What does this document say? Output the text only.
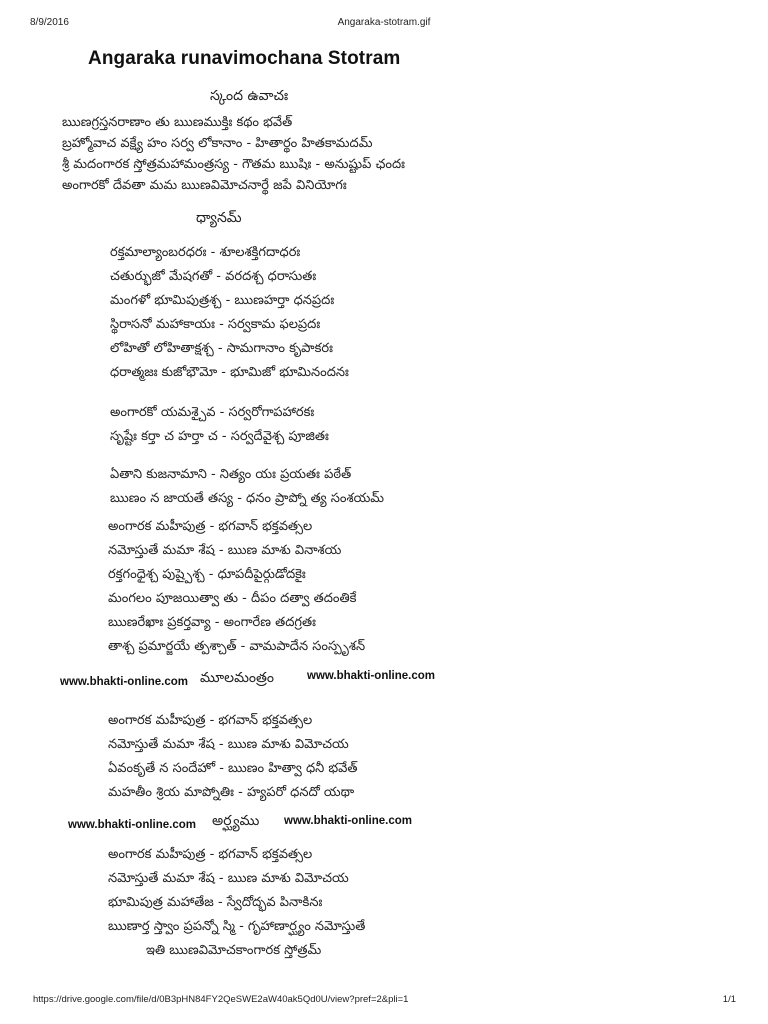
8/9/2016	Angaraka-stotram.gif
Angaraka runavimochana Stotram
స్కంద ఉవాచః
ఋణగ్రస్తనరాణాం తు ఋణముక్తిః కథం భవేత్
బ్రహ్మోవాచ వక్ష్యే హం సర్వ లోకానాం - హితార్థం హితకామదమ్
శ్రీ మదంగారక స్తోత్రమహామంత్రస్య - గౌతమ ఋషిః - అనుష్టుప్ ఛందః
అంగారకో దేవతా మమ ఋణవిమోచనార్థే జపే వినియోగః
ధ్యానమ్
రక్తమాల్యాంబరధరః - శూలశక్తిగదాధరః
చతుర్భుజో మేషగతో - వరదశ్చ ధరాసుతః
మంగళో భూమిపుత్రశ్చ - ఋణహర్తా ధనప్రదః
స్థిరాసనో మహాకాయః - సర్వకామ ఫలప్రదః
లోహితో లోహితాక్షశ్చ - సామగానాం కృపాకరః
ధరాత్మజః కుజోభౌమో - భూమిజో భూమినందనః
అంగారకో యమశ్చైవ - సర్వరోగాపహారకః
సృష్టేః కర్తా చ హర్తా చ - సర్వదేవైశ్చ పూజితః
ఏతాని కుజనామాని - నిత్యం యః ప్రయతః పఠేత్
ఋణం న జాయతే తస్య - ధనం ప్రాప్నో త్య సంశయమ్
అంగారక మహీపుత్ర - భగవాన్ భక్తవత్సల
నమోస్తుతే మమా శేష - ఋణ మాశు వినాశయ
రక్తగంధైశ్చ పుష్పైశ్చ - ధూపదీపైర్గుడోదకైః
మంగలం పూజయిత్వా తు - దీపం దత్వా తదంతికే
ఋణరేఖాః ప్రకర్తవ్యా - అంగారేణ తదగ్రతః
తాశ్చ ప్రమార్జయే త్పశ్చాత్ - వామపాదేన సంస్పృశన్
www.bhakti-online.com మూలమంత్రం	www.bhakti-online.com
అంగారక మహీపుత్ర - భగవాన్ భక్తవత్సల
నమోస్తుతే మమా శేష - ఋణ మాశు విమోచయ
ఏవంకృతే న సందేహో - ఋణం హిత్వా ధనీ భవేత్
మహతీం శ్రియ మాప్నోతిః - హ్యపరో ధనదో యథా
www.bhakti-online.com అర్ఘ్యము www.bhakti-online.com
అంగారక మహీపుత్ర - భగవాన్ భక్తవత్సల
నమోస్తుతే మమా శేష - ఋణ మాశు విమోచయ
భూమిపుత్ర మహాతేజ - స్వేదోద్భవ పినాకినః
ఋణార్త స్త్వాం ప్రపన్నో స్మి - గృహాణార్ఘ్యం నమోస్తుతే
ఇతి ఋణవిమోచకాంగారక స్తోత్రమ్
https://drive.google.com/file/d/0B3pHN84FY2QeSWE2aW40ak5Qd0U/view?pref=2&pli=1	1/1
